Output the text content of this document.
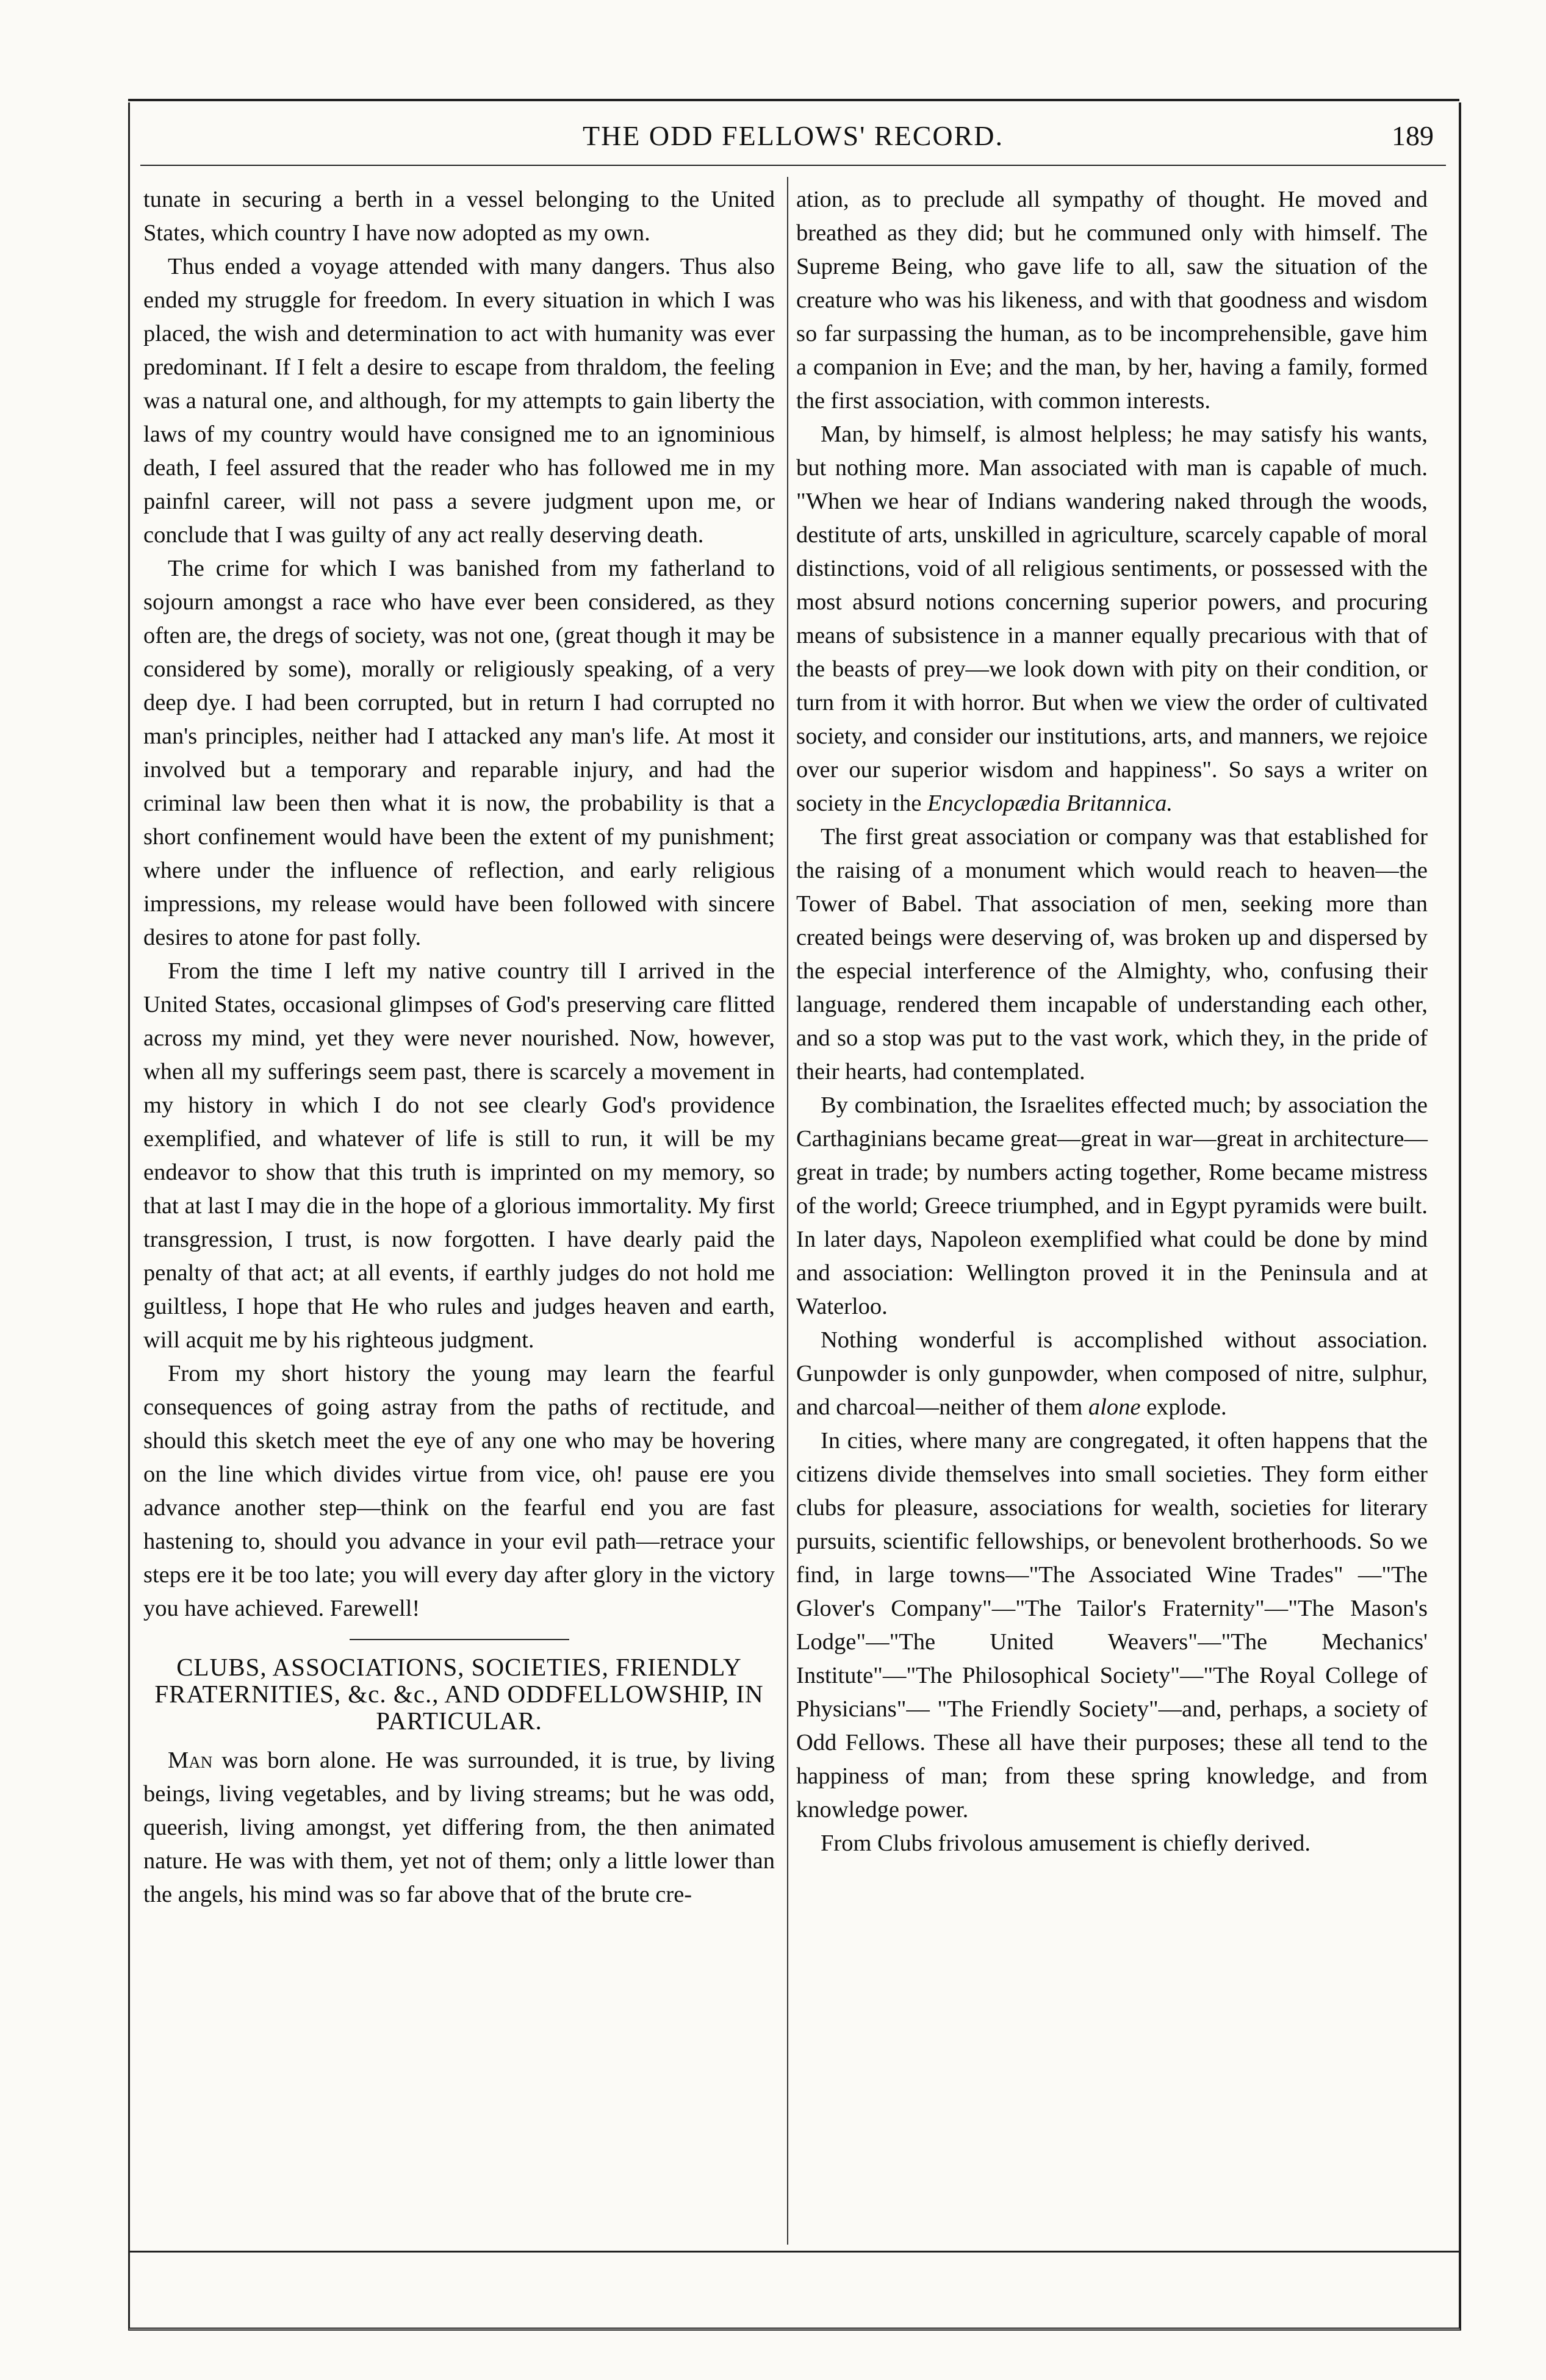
THE ODD FELLOWS' RECORD.	189

tunate in securing a berth in a vessel belonging to the United States, which country I have now adopted as my own.

Thus ended a voyage attended with many dangers. Thus also ended my struggle for freedom. In every situation in which I was placed, the wish and determination to act with humanity was ever predominant. If I felt a desire to escape from thraldom, the feeling was a natural one, and although, for my attempts to gain liberty the laws of my country would have consigned me to an ignominious death, I feel assured that the reader who has followed me in my painfnl career, will not pass a severe judgment upon me, or conclude that I was guilty of any act really deserving death.

The crime for which I was banished from my fatherland to sojourn amongst a race who have ever been considered, as they often are, the dregs of society, was not one, (great though it may be considered by some), morally or religiously speaking, of a very deep dye. I had been corrupted, but in return I had corrupted no man's principles, neither had I attacked any man's life. At most it involved but a temporary and reparable injury, and had the criminal law been then what it is now, the probability is that a short confinement would have been the extent of my punishment; where under the influence of reflection, and early religious impressions, my release would have been followed with sincere desires to atone for past folly.

From the time I left my native country till I arrived in the United States, occasional glimpses of God's preserving care flitted across my mind, yet they were never nourished. Now, however, when all my sufferings seem past, there is scarcely a movement in my history in which I do not see clearly God's providence exemplified, and whatever of life is still to run, it will be my endeavor to show that this truth is imprinted on my memory, so that at last I may die in the hope of a glorious immortality. My first transgression, I trust, is now forgotten. I have dearly paid the penalty of that act; at all events, if earthly judges do not hold me guiltless, I hope that He who rules and judges heaven and earth, will acquit me by his righteous judgment.

From my short history the young may learn the fearful consequences of going astray from the paths of rectitude, and should this sketch meet the eye of any one who may be hovering on the line which divides virtue from vice, oh! pause ere you advance another step—think on the fearful end you are fast hastening to, should you advance in your evil path—retrace your steps ere it be too late; you will every day after glory in the victory you have achieved. Farewell!

CLUBS, ASSOCIATIONS, SOCIETIES, FRIENDLY FRATERNITIES, &c. &c., AND ODDFELLOWSHIP, IN PARTICULAR.

Man was born alone. He was surrounded, it is true, by living beings, living vegetables, and by living streams; but he was odd, queerish, living amongst, yet differing from, the then animated nature. He was with them, yet not of them; only a little lower than the angels, his mind was so far above that of the brute cre-

ation, as to preclude all sympathy of thought. He moved and breathed as they did; but he communed only with himself. The Supreme Being, who gave life to all, saw the situation of the creature who was his likeness, and with that goodness and wisdom so far surpassing the human, as to be incomprehensible, gave him a companion in Eve; and the man, by her, having a family, formed the first association, with common interests.

Man, by himself, is almost helpless; he may satisfy his wants, but nothing more. Man associated with man is capable of much. "When we hear of Indians wandering naked through the woods, destitute of arts, unskilled in agriculture, scarcely capable of moral distinctions, void of all religious sentiments, or possessed with the most absurd notions concerning superior powers, and procuring means of subsistence in a manner equally precarious with that of the beasts of prey—we look down with pity on their condition, or turn from it with horror. But when we view the order of cultivated society, and consider our institutions, arts, and manners, we rejoice over our superior wisdom and happiness". So says a writer on society in the Encyclopædia Britannica.

The first great association or company was that established for the raising of a monument which would reach to heaven—the Tower of Babel. That association of men, seeking more than created beings were deserving of, was broken up and dispersed by the especial interference of the Almighty, who, confusing their language, rendered them incapable of understanding each other, and so a stop was put to the vast work, which they, in the pride of their hearts, had contemplated.

By combination, the Israelites effected much; by association the Carthaginians became great—great in war—great in architecture—great in trade; by numbers acting together, Rome became mistress of the world; Greece triumphed, and in Egypt pyramids were built. In later days, Napoleon exemplified what could be done by mind and association: Wellington proved it in the Peninsula and at Waterloo.

Nothing wonderful is accomplished without association. Gunpowder is only gunpowder, when composed of nitre, sulphur, and charcoal—neither of them alone explode.

In cities, where many are congregated, it often happens that the citizens divide themselves into small societies. They form either clubs for pleasure, associations for wealth, societies for literary pursuits, scientific fellowships, or benevolent brotherhoods. So we find, in large towns—"The Associated Wine Trades" —"The Glover's Company"—"The Tailor's Fraternity"—"The Mason's Lodge"—"The United Weavers"—"The Mechanics' Institute"—"The Philosophical Society"—"The Royal College of Physicians"— "The Friendly Society"—and, perhaps, a society of Odd Fellows. These all have their purposes; these all tend to the happiness of man; from these spring knowledge, and from knowledge power.

From Clubs frivolous amusement is chiefly derived.
